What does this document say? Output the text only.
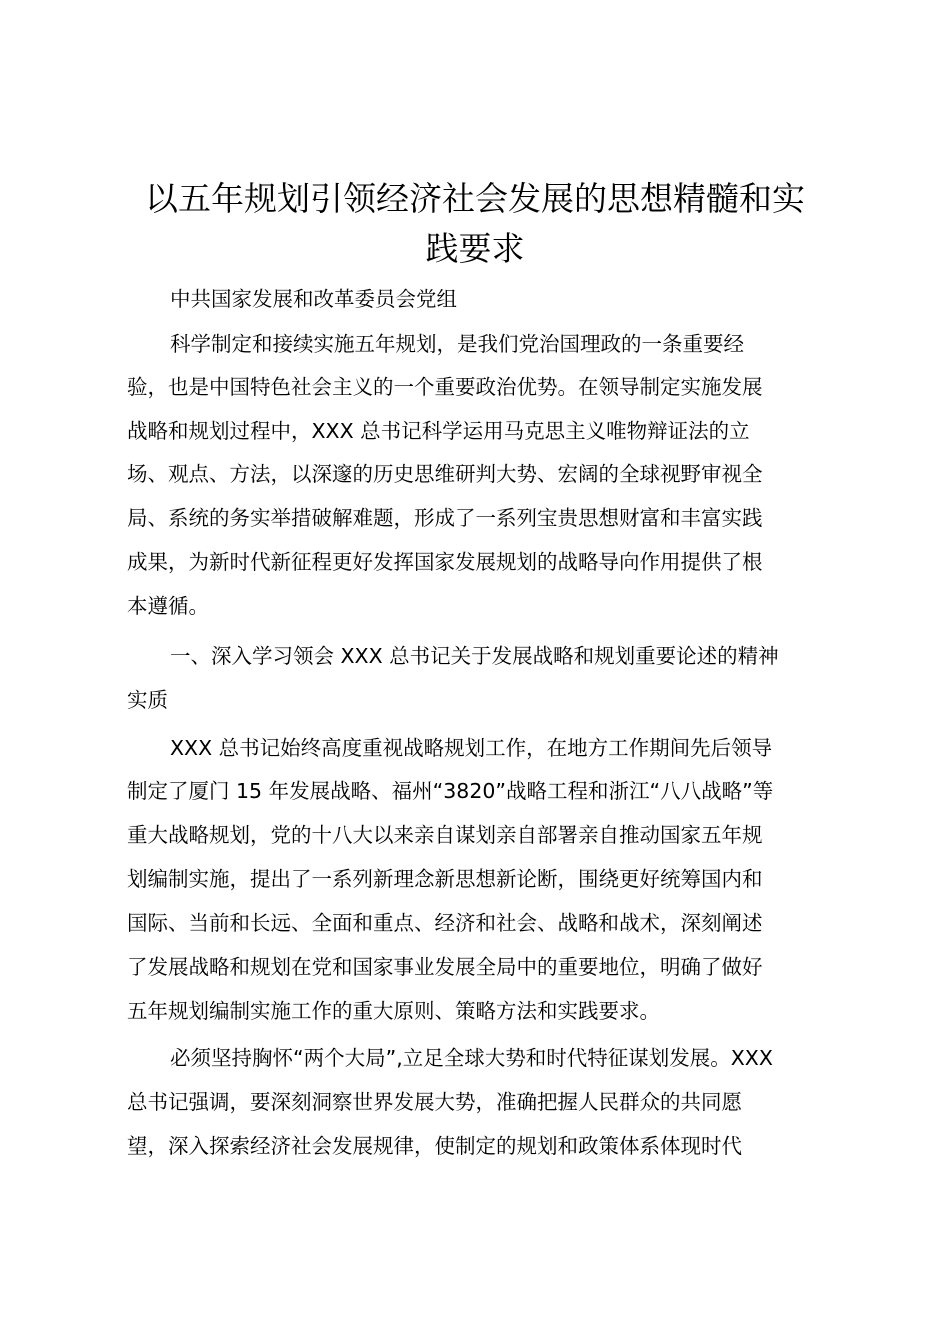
以五年规划引领经济社会发展的思想精髓和实
践要求

中共国家发展和改革委员会党组

科学制定和接续实施五年规划，是我们党治国理政的一条重要经

验，也是中国特色社会主义的一个重要政治优势。在领导制定实施发展

战略和规划过程中，XXX 总书记科学运用马克思主义唯物辩证法的立

场、观点、方法，以深邃的历史思维研判大势、宏阔的全球视野审视全

局、系统的务实举措破解难题，形成了一系列宝贵思想财富和丰富实践

成果，为新时代新征程更好发挥国家发展规划的战略导向作用提供了根

本遵循。

一、深入学习领会 XXX 总书记关于发展战略和规划重要论述的精神

实质

XXX 总书记始终高度重视战略规划工作，在地方工作期间先后领导

制定了厦门 15 年发展战略、福州“3820”战略工程和浙江“八八战略”等

重大战略规划，党的十八大以来亲自谋划亲自部署亲自推动国家五年规

划编制实施，提出了一系列新理念新思想新论断，围绕更好统筹国内和

国际、当前和长远、全面和重点、经济和社会、战略和战术，深刻阐述

了发展战略和规划在党和国家事业发展全局中的重要地位，明确了做好

五年规划编制实施工作的重大原则、策略方法和实践要求。

必须坚持胸怀“两个大局”,立足全球大势和时代特征谋划发展。XXX

总书记强调，要深刻洞察世界发展大势，准确把握人民群众的共同愿

望，深入探索经济社会发展规律，使制定的规划和政策体系体现时代
